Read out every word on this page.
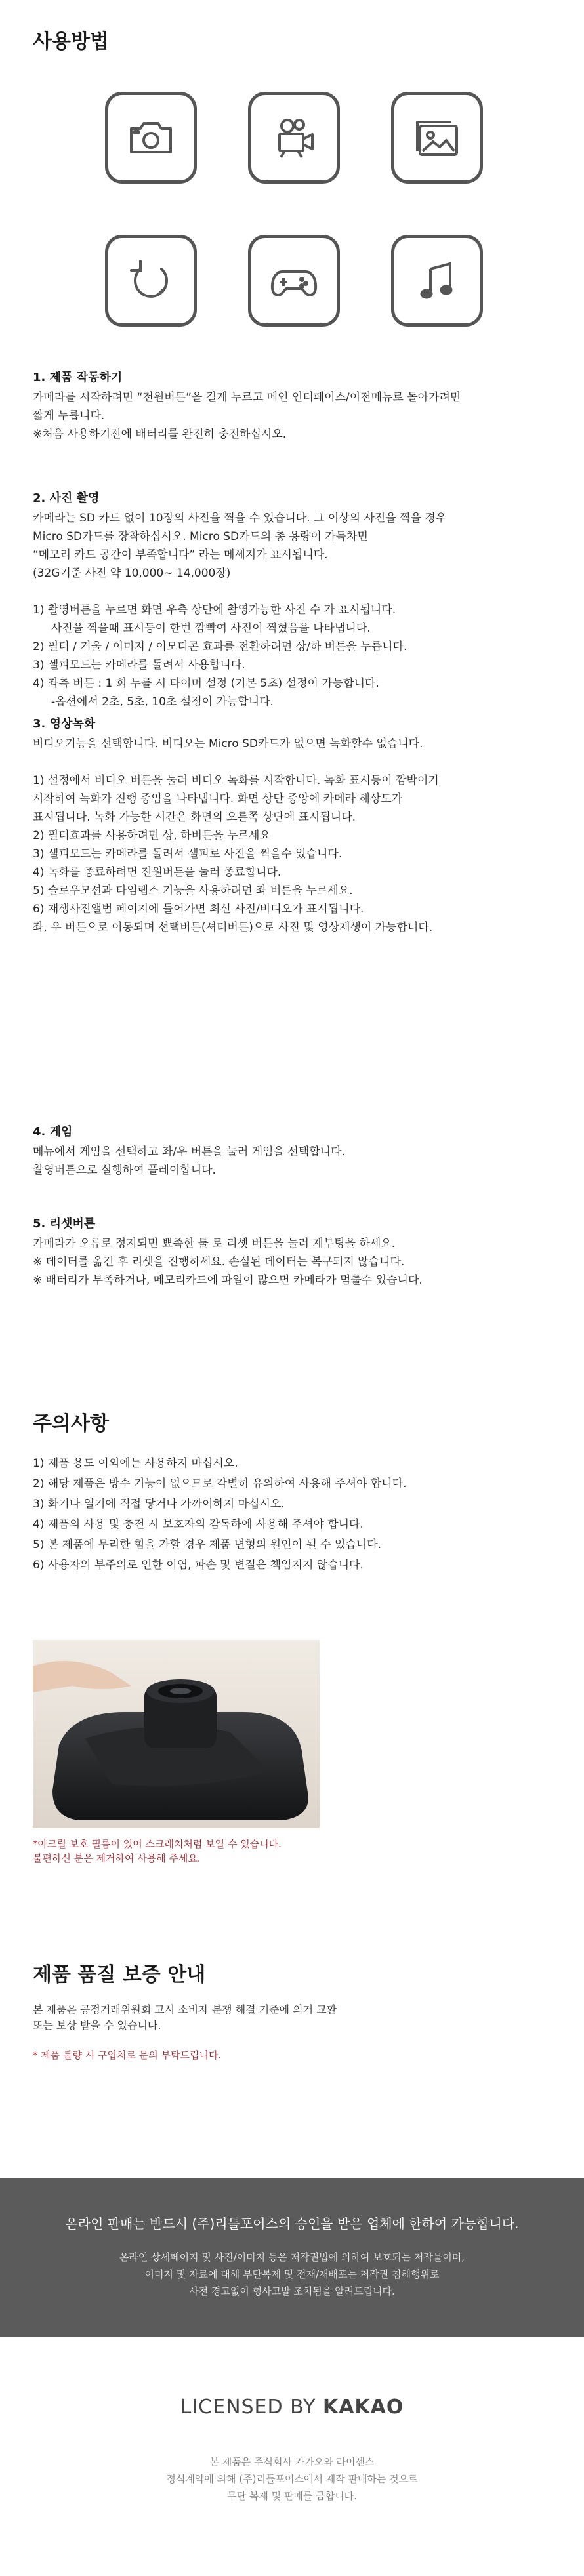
사용방법

1. 제품 작동하기

카메라를 시작하려면 “전원버튼”을 길게 누르고 메인 인터페이스/이전메뉴로 돌아가려면

짧게 누릅니다.

※처음 사용하기전에 배터리를 완전히 충전하십시오.

2. 사진 촬영

카메라는 SD 카드 없이 10장의 사진을 찍을 수 있습니다. 그 이상의 사진을 찍을 경우

Micro SD카드를 장착하십시오. Micro SD카드의 총 용량이 가득차면

“메모리 카드 공간이 부족합니다” 라는 메세지가 표시됩니다.

(32G기준 사진 약 10,000~ 14,000장)

1) 촬영버튼을 누르면 화면 우측 상단에 촬영가능한 사진 수 가 표시됩니다.

사진을 찍을때 표시등이 한번 깜빡여 사진이 찍혔음을 나타냅니다.

2) 필터 / 거울 / 이미지 / 이모티콘 효과를 전환하려면 상/하 버튼을 누릅니다.

3) 셀피모드는 카메라를 돌려서 사용합니다.

4) 좌측 버튼 : 1 회 누를 시 타이머 설정 (기본 5초) 설정이 가능합니다.

-옵션에서 2초, 5초, 10초 설정이 가능합니다.

3. 영상녹화

비디오기능을 선택합니다. 비디오는 Micro SD카드가 없으면 녹화할수 없습니다.

1) 설정에서 비디오 버튼을 눌러 비디오 녹화를 시작합니다. 녹화 표시등이 깜박이기

시작하여 녹화가 진행 중임을 나타냅니다. 화면 상단 중앙에 카메라 해상도가

표시됩니다. 녹화 가능한 시간은 화면의 오른쪽 상단에 표시됩니다.

2) 필터효과를 사용하려면 상, 하버튼을 누르세요

3) 셀피모드는 카메라를 돌려서 셀피로 사진을 찍을수 있습니다.

4) 녹화를 종료하려면 전원버튼을 눌러 종료합니다.

5) 슬로우모션과 타임랩스 기능을 사용하려면 좌 버튼을 누르세요.

6) 재생사진앨범 페이지에 들어가면 최신 사진/비디오가 표시됩니다.

좌, 우 버튼으로 이동되며 선택버튼(셔터버튼)으로 사진 및 영상재생이 가능합니다.

4. 게임

메뉴에서 게임을 선택하고 좌/우 버튼을 눌러 게임을 선택합니다.

촬영버튼으로 실행하여 플레이합니다.

5. 리셋버튼

카메라가 오류로 정지되면 뾰족한 툴 로 리셋 버튼을 눌러 재부팅을 하세요.

※ 데이터를 옮긴 후 리셋을 진행하세요. 손실된 데이터는 복구되지 않습니다.

※ 배터리가 부족하거나, 메모리카드에 파일이 많으면 카메라가 멈출수 있습니다.

주의사항

1) 제품 용도 이외에는 사용하지 마십시오.

2) 해당 제품은 방수 기능이 없으므로 각별히 유의하여 사용해 주셔야 합니다.

3) 화기나 열기에 직접 닿거나 가까이하지 마십시오.

4) 제품의 사용 및 충전 시 보호자의 감독하에 사용해 주셔야 합니다.

5) 본 제품에 무리한 힘을 가할 경우 제품 변형의 원인이 될 수 있습니다.

6) 사용자의 부주의로 인한 이염, 파손 및 변질은 책임지지 않습니다.

*아크릴 보호 필름이 있어 스크래치처럼 보일 수 있습니다.
불편하신 분은 제거하여 사용해 주세요.
제품 품질 보증 안내
본 제품은 공정거래위원회 고시 소비자 분쟁 해결 기준에 의거 교환
또는 보상 받을 수 있습니다.
* 제품 불량 시 구입처로 문의 부탁드립니다.
온라인 판매는 반드시 (주)리틀포어스의 승인을 받은 업체에 한하여 가능합니다.
온라인 상세페이지 및 사진/이미지 등은 저작권법에 의하여 보호되는 저작물이며,
이미지 및 자료에 대해 부단복제 및 전재/재배포는 저작권 침해행위로
사전 경고없이 형사고발 조치됨을 알려드립니다.
LICENSED BY KAKAO
본 제품은 주식회사 카카오와 라이센스
정식계약에 의해 (주)리틀포어스에서 제작 판매하는 것으로
무단 복제 및 판매를 금합니다.
